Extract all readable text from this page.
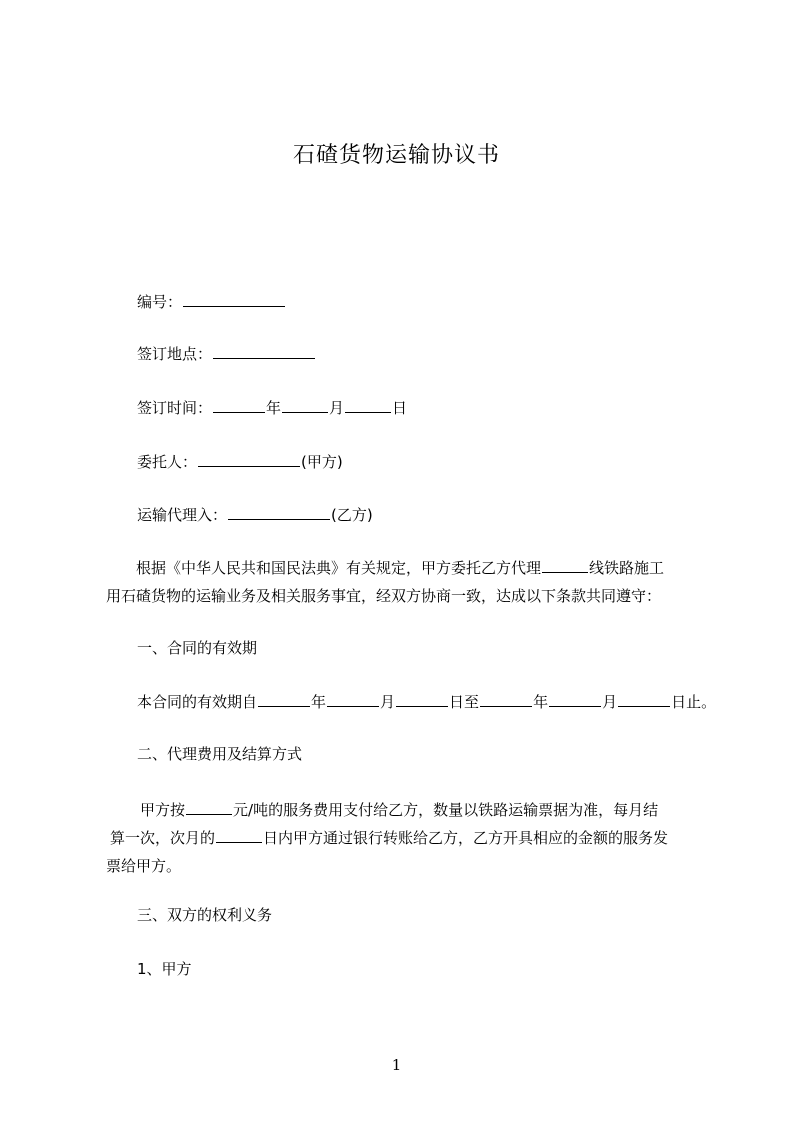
石碴货物运输协议书
编号：
签订地点：
签订时间：	年	月	日
委托人：	(甲方)
运输代理入：	(乙方)
根据《中华人民共和国民法典》有关规定，甲方委托乙方代理	线铁路施工
用石碴货物的运输业务及相关服务事宜，经双方协商一致，达成以下条款共同遵守：
一、合同的有效期
本合同的有效期自	年	月	日至	年	月	日止。
二、代理费用及结算方式
甲方按	元/吨的服务费用支付给乙方，数量以铁路运输票据为准，每月结
算一次，次月的	日内甲方通过银行转账给乙方，乙方开具相应的金额的服务发
票给甲方。
三、双方的权利义务
1、甲方
1
